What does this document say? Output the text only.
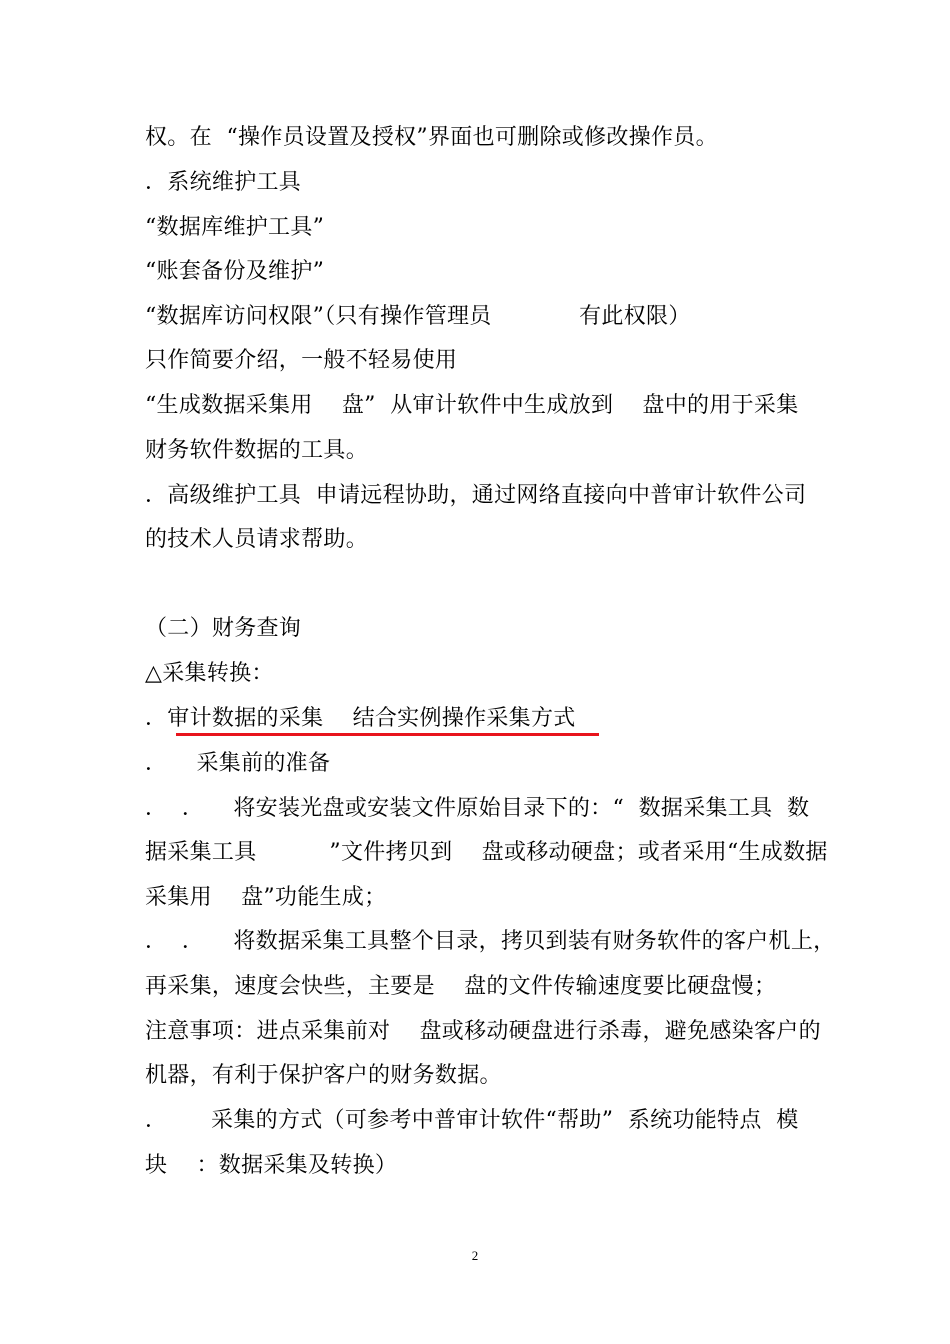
权。在  “操作员设置及授权”界面也可删除或修改操作员。
．系统维护工具
“数据库维护工具”
“账套备份及维护”
“数据库访问权限”（只有操作管理员            有此权限）
只作简要介绍，一般不轻易使用
“生成数据采集用    盘”  从审计软件中生成放到    盘中的用于采集
财务软件数据的工具。
．高级维护工具  申请远程协助，通过网络直接向中普审计软件公司
的技术人员请求帮助。
（二）财务查询
△采集转换：
．审计数据的采集    结合实例操作采集方式
．    采集前的准备
．  ．    将安装光盘或安装文件原始目录下的：“  数据采集工具  数
据采集工具          ”文件拷贝到    盘或移动硬盘；或者采用“生成数据
采集用    盘”功能生成；
．  ．    将数据采集工具整个目录，拷贝到装有财务软件的客户机上，
再采集，速度会快些，主要是    盘的文件传输速度要比硬盘慢；
注意事项：进点采集前对    盘或移动硬盘进行杀毒，避免感染客户的
机器，有利于保护客户的财务数据。
．      采集的方式（可参考中普审计软件“帮助”  系统功能特点  模
块    ：数据采集及转换）
2
